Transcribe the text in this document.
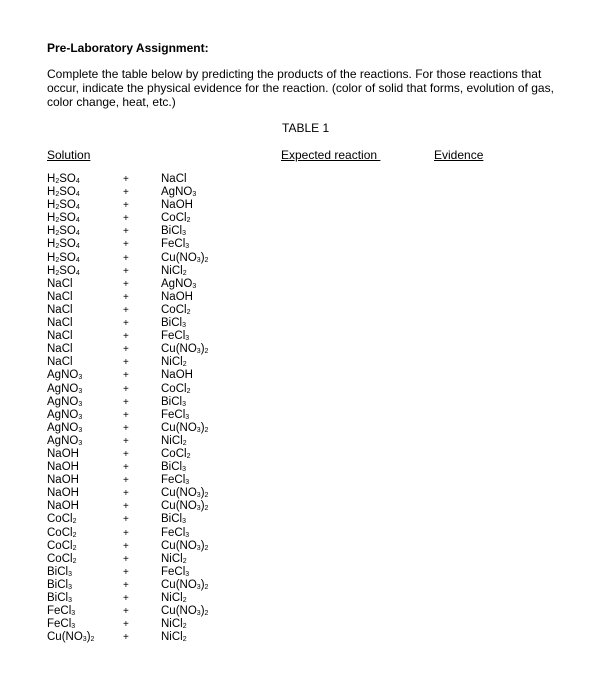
Pre-Laboratory Assignment:
Complete the table below by predicting the products of the reactions. For those reactions that occur, indicate the physical evidence for the reaction. (color of solid that forms, evolution of gas, color change, heat, etc.)
TABLE 1
Solution	Expected reaction	Evidence
$H_2SO_4$	+	NaCl
$H_2SO_4$	+	AgNO$_3$
$H_2SO_4$	+	NaOH
$H_2SO_4$	+	CoCl$_2$
$H_2SO_4$	+	BiCl$_3$
$H_2SO_4$	+	FeCl$_3$
$H_2SO_4$	+	$Cu(NO_3)_2$
$H_2SO_4$	+	NiCl$_2$
NaCl	+	AgNO$_3$
NaCl	+	NaOH
NaCl	+	CoCl$_2$
NaCl	+	BiCl$_3$
NaCl	+	FeCl$_3$
NaCl	+	$Cu(NO_3)_2$
NaCl	+	NiCl$_2$
AgNO$_3$	+	NaOH
AgNO$_3$	+	CoCl$_2$
AgNO$_3$	+	BiCl$_3$
AgNO$_3$	+	FeCl$_3$
AgNO$_3$	+	$Cu(NO_3)_2$
AgNO$_3$	+	NiCl$_2$
NaOH	+	CoCl$_2$
NaOH	+	BiCl$_3$
NaOH	+	FeCl$_3$
NaOH	+	$Cu(NO_3)_2$
NaOH	+	$Cu(NO_3)_2$
CoCl$_2$	+	BiCl$_3$
CoCl$_2$	+	FeCl$_3$
CoCl$_2$	+	$Cu(NO_3)_2$
CoCl$_2$	+	NiCl$_2$
BiCl$_3$	+	FeCl$_3$
BiCl$_3$	+	$Cu(NO_3)_2$
BiCl$_3$	+	NiCl$_2$
FeCl$_3$	+	$Cu(NO_3)_2$
FeCl$_3$	+	NiCl$_2$
$Cu(NO_3)_2$	+	NiCl$_2$
